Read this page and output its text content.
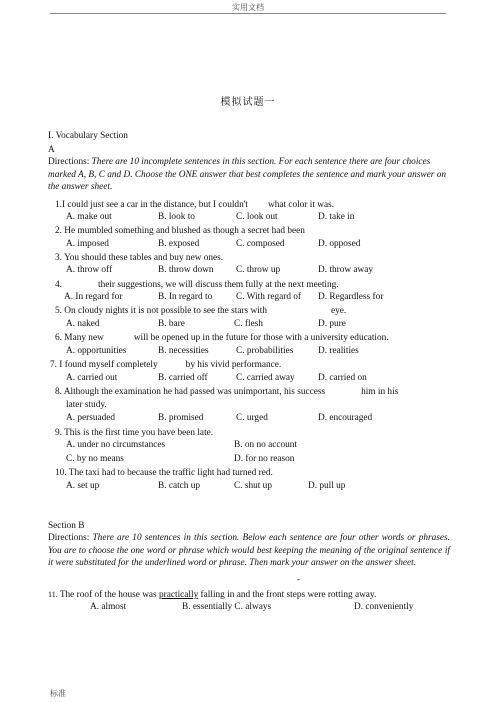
实用文档
模拟试题一
I. Vocabulary Section
A
Directions: There are 10 incomplete sentences in this section. For each sentence there are four choices marked A, B, C and D. Choose the ONE answer that best completes the sentence and mark your answer on the answer sheet.
1.I could just see a car in the distance, but I couldn't what color it was.
A. make out	B. look to	C. look out	D. take in
2. He mumbled something and blushed as though a secret had been
A. imposed	B. exposed	C. composed	D. opposed
3. You should these tables and buy new ones.
A. throw off	B. throw down C. throw up	D. throw away
4.	their suggestions, we will discuss them fully at the next meeting.
A. In regard for	B. In regard to	C. With regard of D. Regardless for
5. On cloudy nights it is not possible to see the stars with	eye.
A. naked	B. bare	C. flesh	D. pure
6. Many new	will be opened up in the future for those with a university education.
A. opportunities	B. necessities	C. probabilities	D. realities
7. I found myself completely	by his vivid performance.
A. carried out	B. carried off	C. carried away	D. carried on
8. Although the examination he had passed was unimportant, his success	him in his
later study.
A. persuaded	B. promised	C. urged	D. encouraged
9. This is the first time you have been late.
A. under no circumstances	B. on no account
C. by no means	D. for no reason
10. The taxi had to because the traffic light had turned red.
A. set up	B. catch up	C. shut up	D. pull up
Section B
Directions: There are 10 sentences in this section. Below each sentence are four other words or phrases. You are to choose the one word or phrase which would best keeping the meaning of the original sentence if it were substituted for the underlined word or phrase. Then mark your answer on the answer sheet.
-
11. The roof of the house was practically falling in and the front steps were rotting away.
A. almost	B. essentially C. always	D. conveniently
标准
